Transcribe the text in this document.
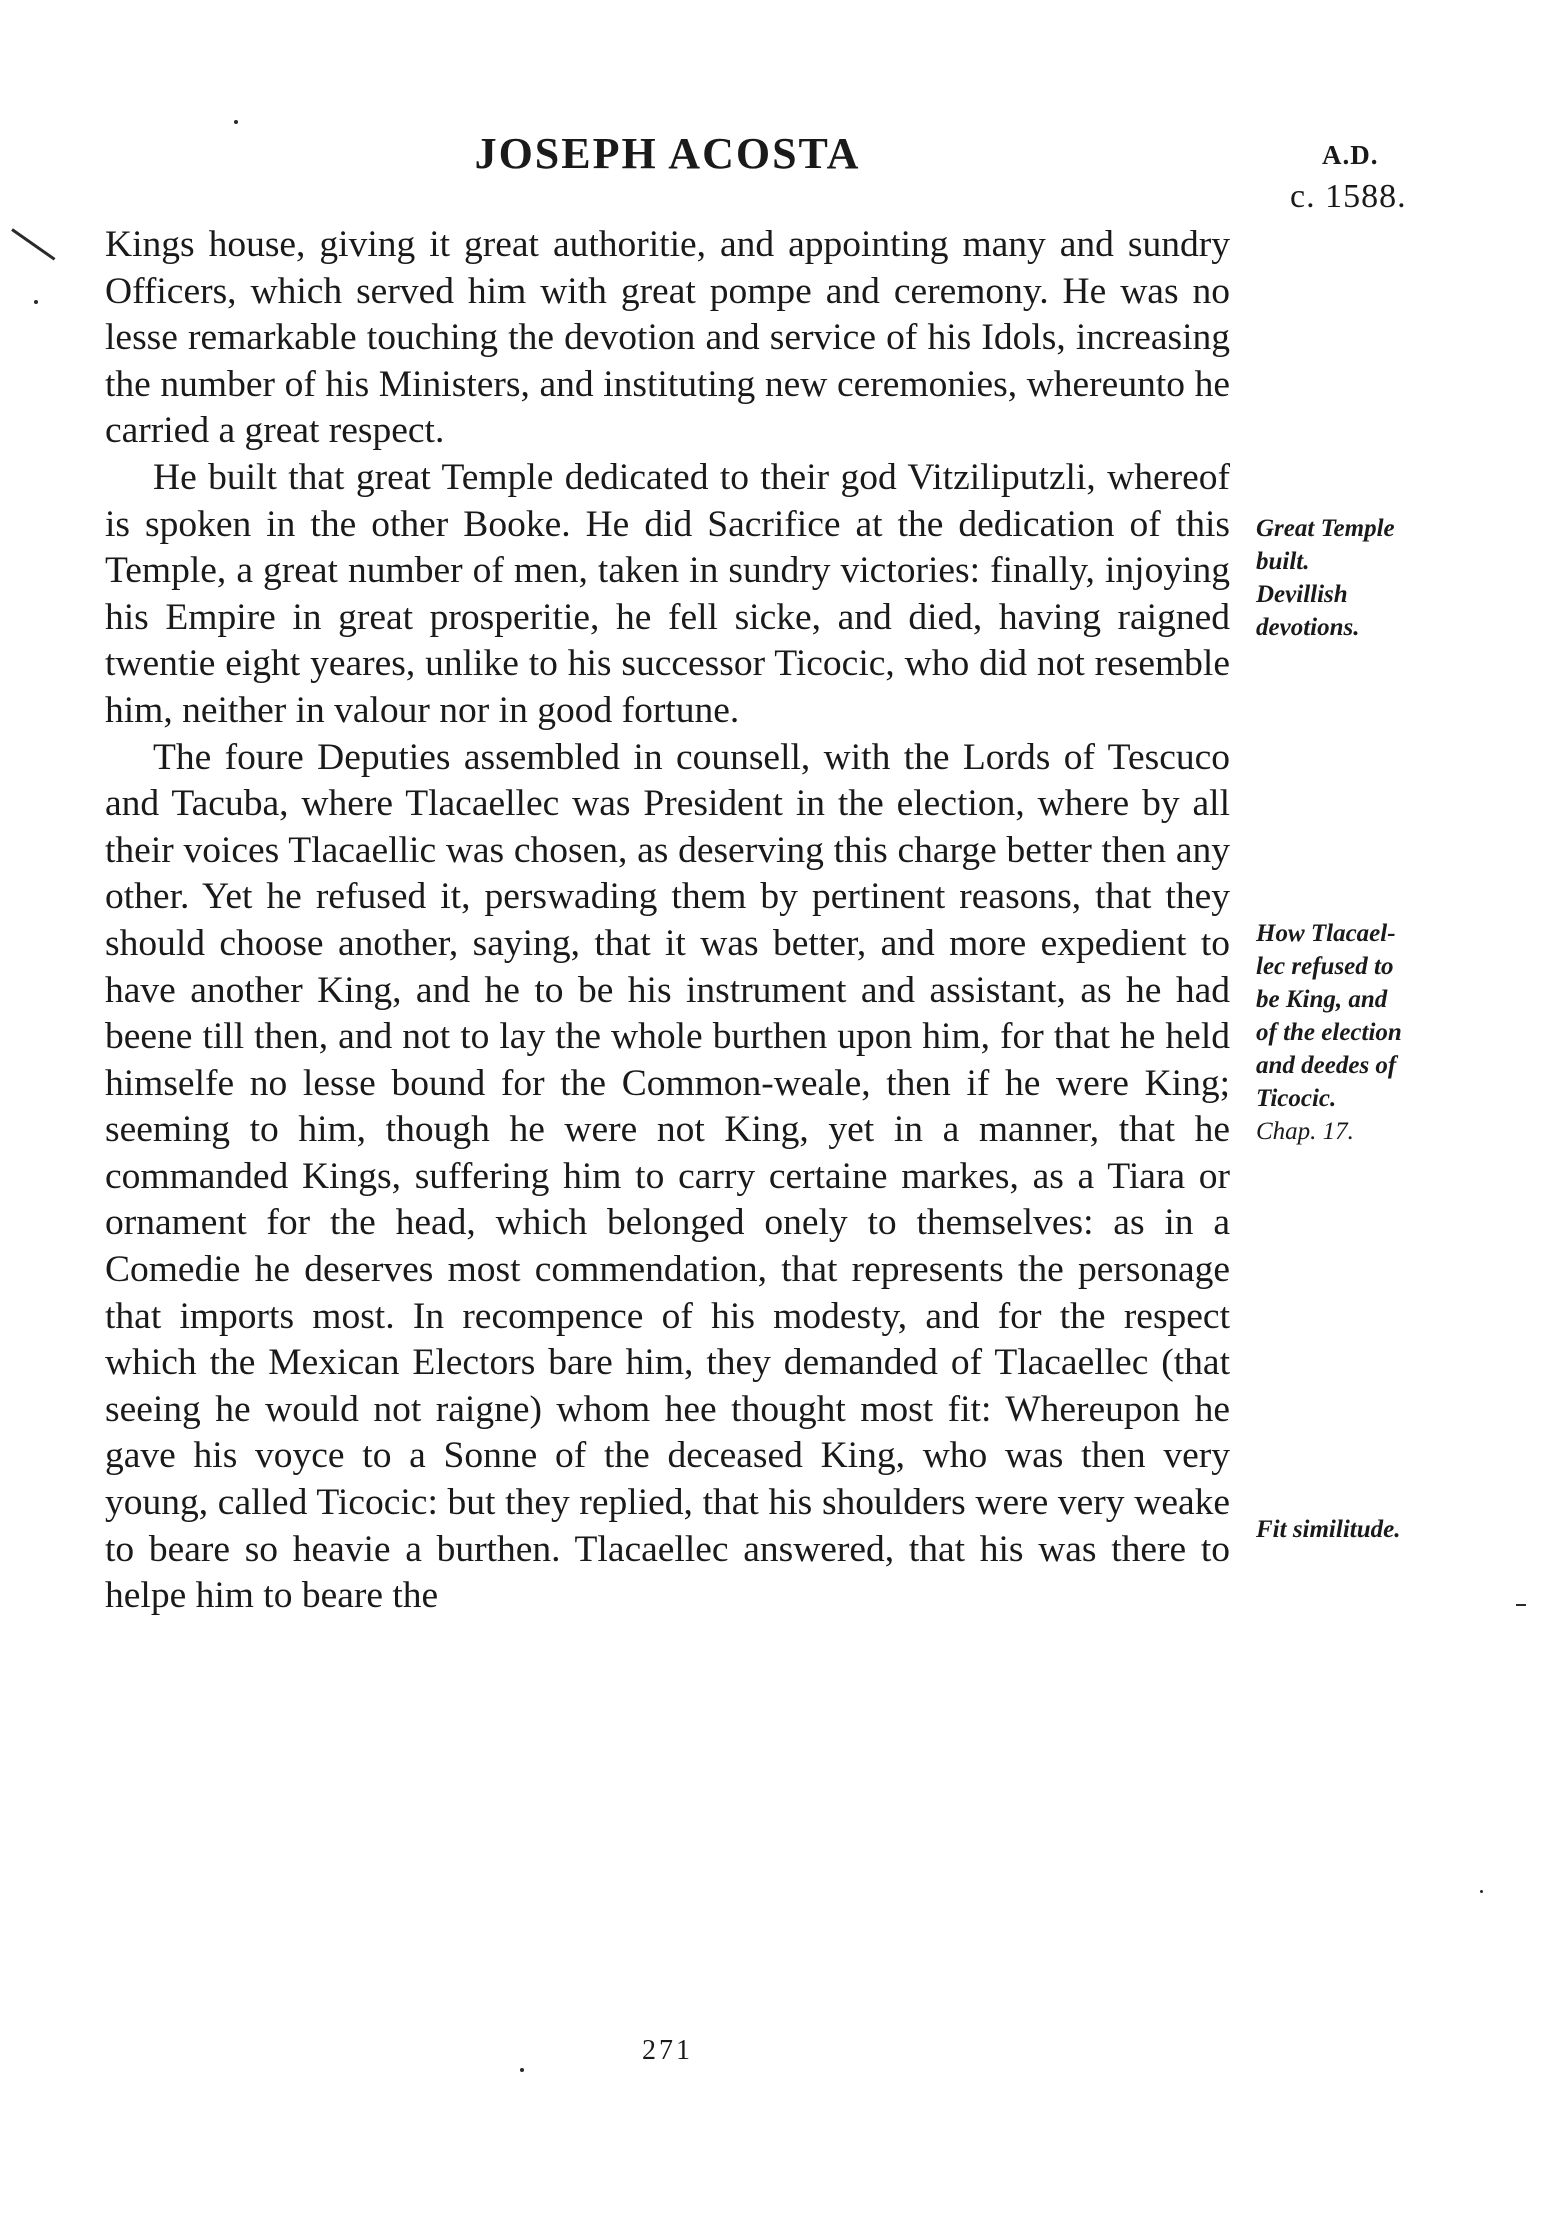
JOSEPH ACOSTA	A.D.
c. 1588.

Kings house, giving it great authoritie, and appointing many and sundry Officers, which served him with great pompe and ceremony. He was no lesse remarkable touching the devotion and service of his Idols, increasing the number of his Ministers, and instituting new ceremonies, whereunto he carried a great respect.

He built that great Temple dedicated to their god Vitziliputzli, whereof is spoken in the other Booke. He did Sacrifice at the dedication of this Temple, a great number of men, taken in sundry victories: finally, injoying his Empire in great prosperitie, he fell sicke, and died, having raigned twentie eight yeares, unlike to his successor Ticocic, who did not resemble him, neither in valour nor in good fortune.

The foure Deputies assembled in counsell, with the Lords of Tescuco and Tacuba, where Tlacaellec was President in the election, where by all their voices Tlacaellic was chosen, as deserving this charge better then any other. Yet he refused it, perswading them by pertinent reasons, that they should choose another, saying, that it was better, and more expedient to have another King, and he to be his instrument and assistant, as he had beene till then, and not to lay the whole burthen upon him, for that he held himselfe no lesse bound for the Common-weale, then if he were King; seeming to him, though he were not King, yet in a manner, that he commanded Kings, suffering him to carry certaine markes, as a Tiara or ornament for the head, which belonged onely to themselves: as in a Comedie he deserves most commendation, that represents the personage that imports most. In recompence of his modesty, and for the respect which the Mexican Electors bare him, they demanded of Tlacaellec (that seeing he would not raigne) whom hee thought most fit: Whereupon he gave his voyce to a Sonne of the deceased King, who was then very young, called Ticocic: but they replied, that his shoulders were very weake to beare so heavie a burthen. Tlacaellec answered, that his was there to helpe him to beare the

Great Temple
built.
Devillish
devotions.

How Tlacael-
lec refused to
be King, and
of the election
and deedes of
Ticocic.

Chap. 17.

Fit similitude.
271
